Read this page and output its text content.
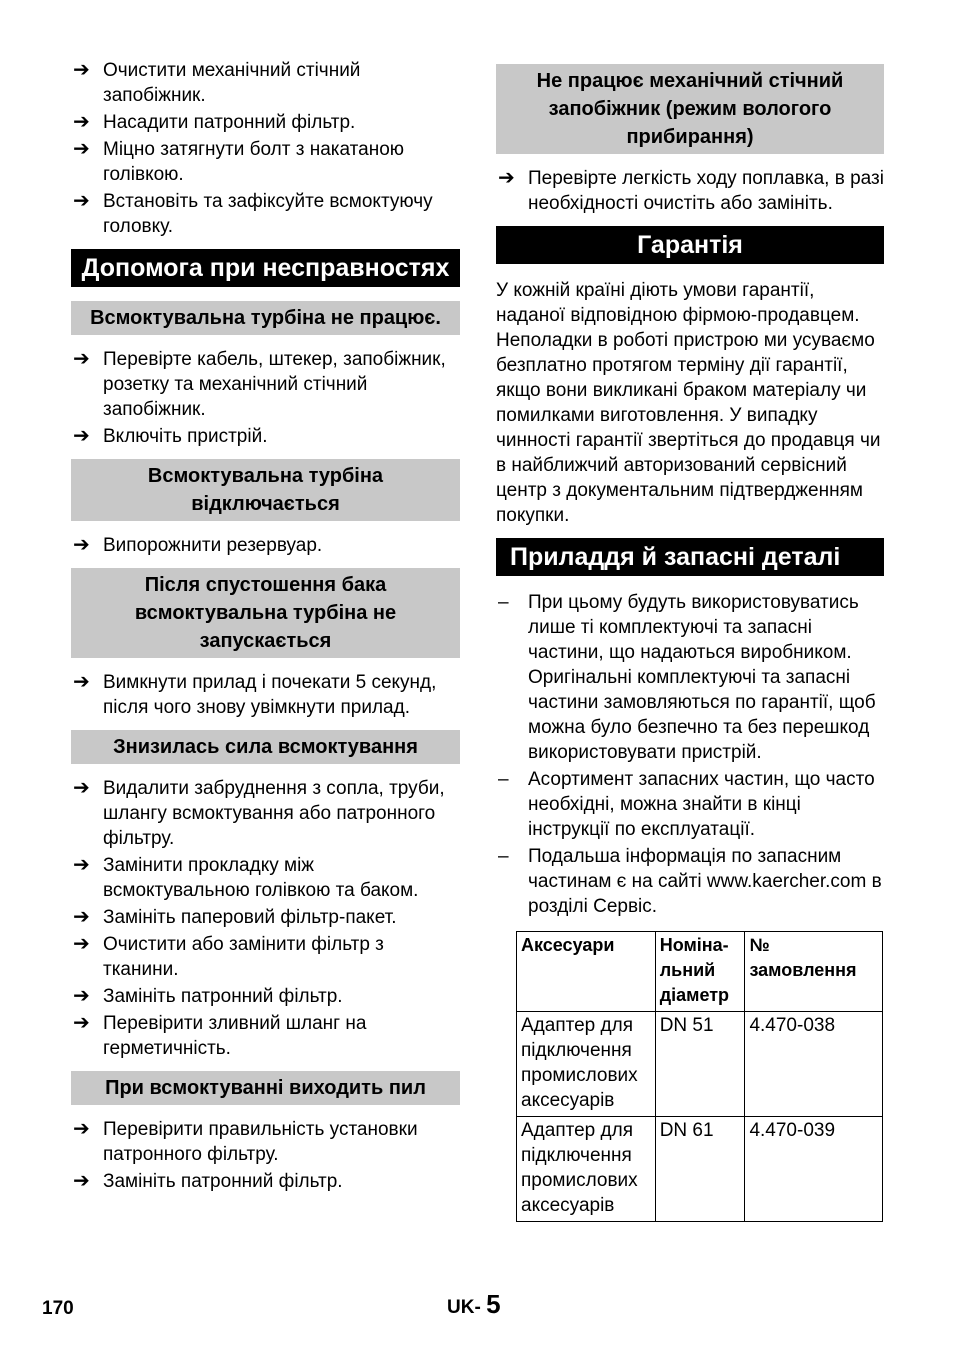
➔ Очистити механічний стічний запобіжник.
➔ Насадити патронний фільтр.
➔ Міцно затягнути болт з накатаною голівкою.
➔ Встановіть та зафіксуйте всмоктуючу головку.
Допомога при несправностях
Всмоктувальна турбіна не працює.
➔ Перевірте кабель, штекер, запобіжник, розетку та механічний стічний запобіжник.
➔ Включіть пристрій.
Всмоктувальна турбіна відключається
➔ Випорожнити резервуар.
Після спустошення бака всмоктувальна турбіна не запускається
➔ Вимкнути прилад і почекати 5 секунд, після чого знову увімкнути прилад.
Знизилась сила всмоктування
➔ Видалити забруднення з сопла, труби, шлангу всмоктування або патронного фільтру.
➔ Замінити прокладку між всмоктувальною голівкою та баком.
➔ Замініть паперовий фільтр-пакет.
➔ Очистити або замінити фільтр з тканини.
➔ Замініть патронний фільтр.
➔ Перевірити зливний шланг на герметичність.
При всмоктуванні виходить пил
➔ Перевірити правильність установки патронного фільтру.
➔ Замініть патронний фільтр.
Не працює механічний стічний запобіжник (режим вологого прибирання)
➔ Перевірте легкість ходу поплавка, в разі необхідності очистіть або замініть.
Гарантія

У кожній країні діють умови гарантії, наданої відповідною фірмою-продавцем. Неполадки в роботі пристрою ми усуваємо безплатно протягом терміну дії гарантії, якщо вони викликані браком матеріалу чи помилками виготовлення. У випадку чинності гарантії звертіться до продавця чи в найближчий авторизований сервісний центр з документальним підтвердженням покупки.

Приладдя й запасні деталі
– При цьому будуть використовуватись лише ті комплектуючі та запасні частини, що надаються виробником. Оригінальні комплектуючі та запасні частини замовляються по гарантії, щоб можна було безпечно та без перешкод використовувати пристрій.
– Асортимент запасних частин, що часто необхідні, можна знайти в кінці інструкції по експлуатації.
– Подальша інформація по запасним частинам є на сайті www.kaercher.com в розділі Сервіс.
Аксесуари	Номіна-льний діаметр	№ замовлення
Адаптер для підключення промислових аксесуарів	DN 51	4.470-038
Адаптер для підключення промислових аксесуарів	DN 61	4.470-039
170	UK- 5
